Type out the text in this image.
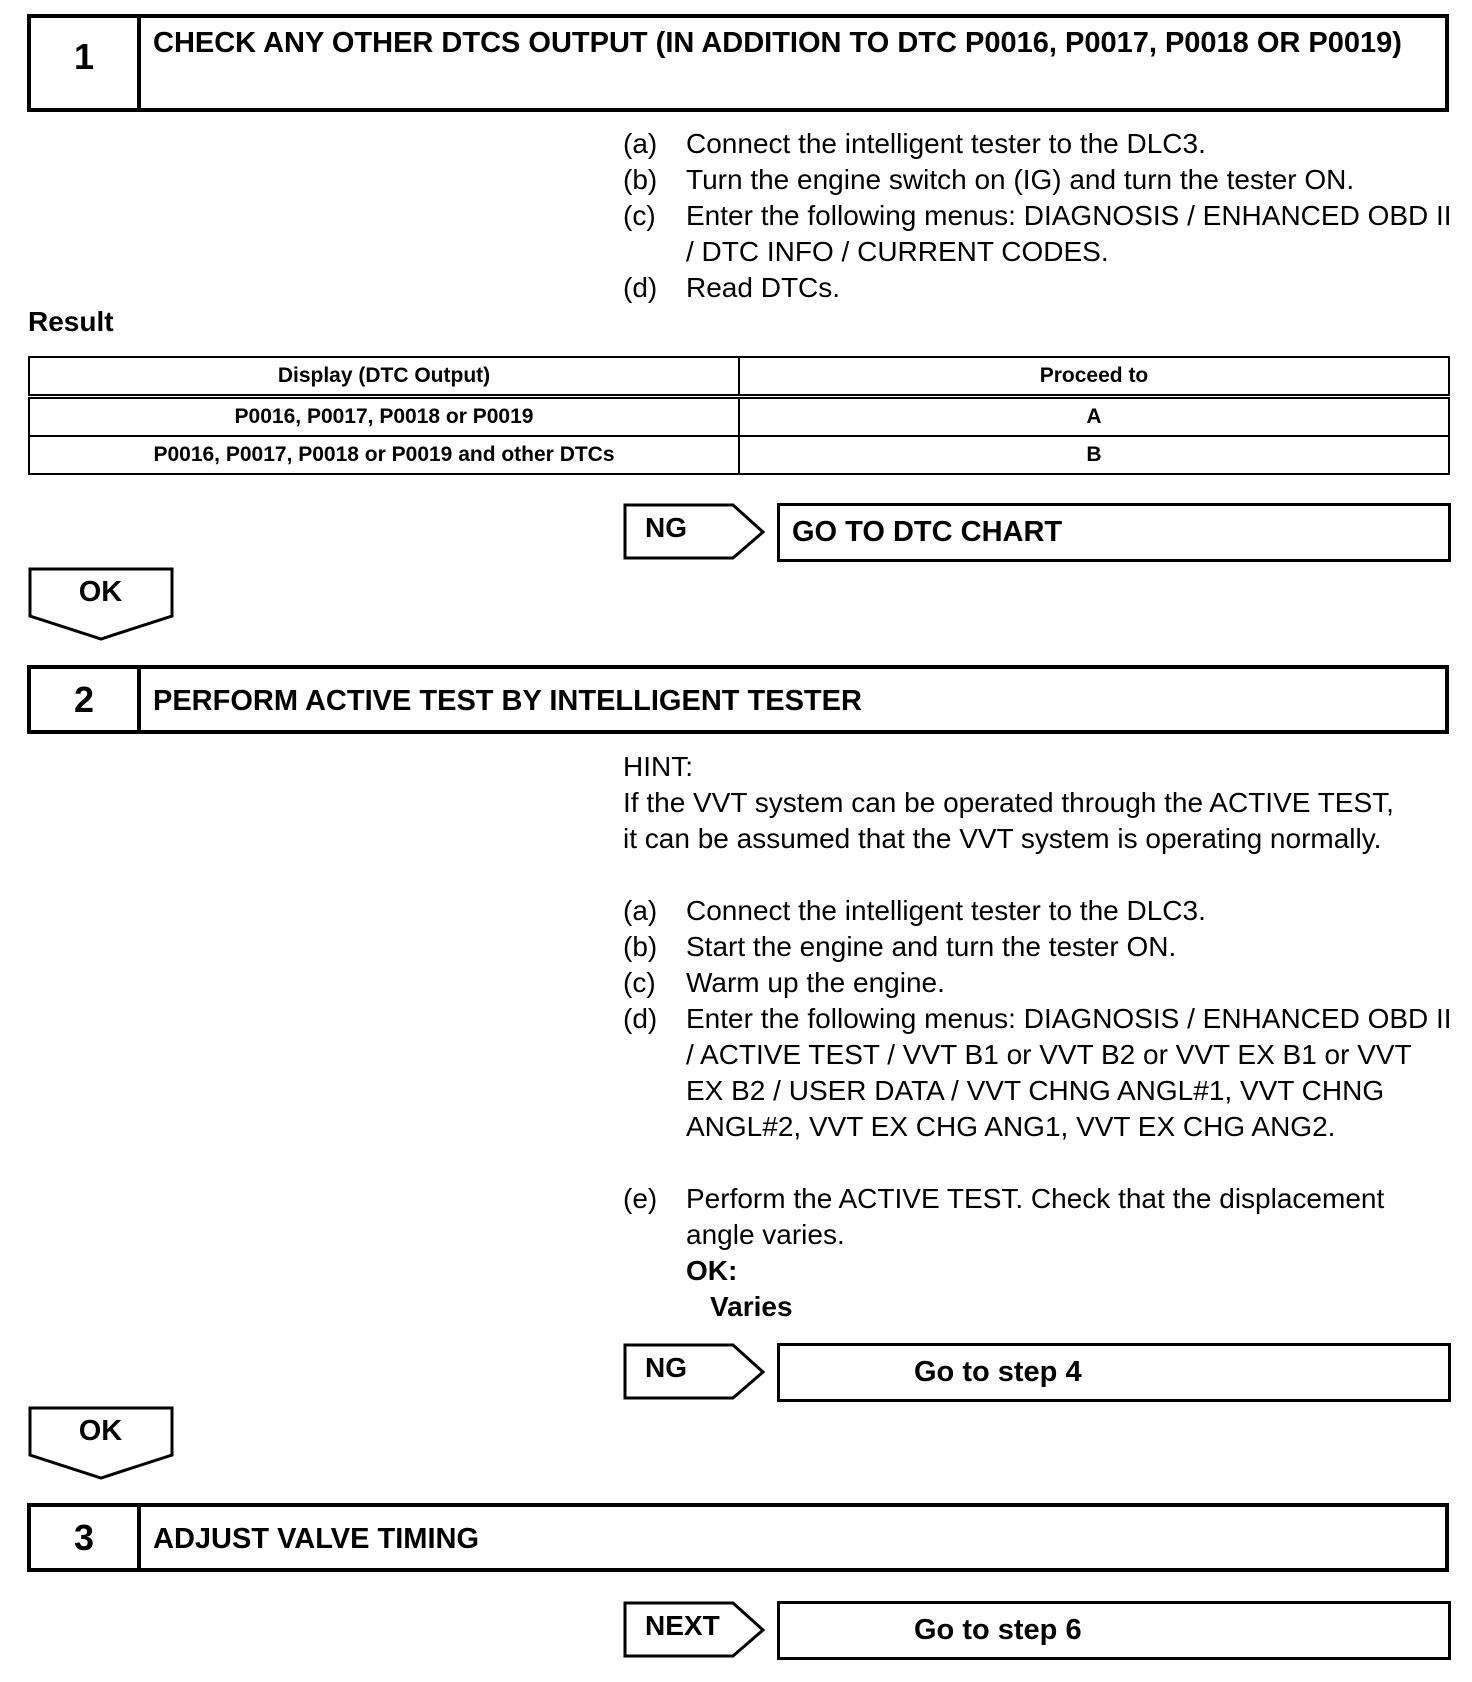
1	CHECK ANY OTHER DTCS OUTPUT (IN ADDITION TO DTC P0016, P0017, P0018 OR P0019)
(a)	Connect the intelligent tester to the DLC3.
(b)	Turn the engine switch on (IG) and turn the tester ON.
(c)	Enter the following menus: DIAGNOSIS / ENHANCED OBD II / DTC INFO / CURRENT CODES.
(d)	Read DTCs.
Result
Display (DTC Output)	Proceed to
P0016, P0017, P0018 or P0019	A
P0016, P0017, P0018 or P0019 and other DTCs	B
NG	GO TO DTC CHART
OK
2	PERFORM ACTIVE TEST BY INTELLIGENT TESTER
HINT:
If the VVT system can be operated through the ACTIVE TEST, it can be assumed that the VVT system is operating normally.
(a)	Connect the intelligent tester to the DLC3.
(b)	Start the engine and turn the tester ON.
(c)	Warm up the engine.
(d)	Enter the following menus: DIAGNOSIS / ENHANCED OBD II / ACTIVE TEST / VVT B1 or VVT B2 or VVT EX B1 or VVT EX B2 / USER DATA / VVT CHNG ANGL#1, VVT CHNG ANGL#2, VVT EX CHG ANG1, VVT EX CHG ANG2.
(e)	Perform the ACTIVE TEST. Check that the displacement angle varies.
OK:
Varies
NG	Go to step 4
OK
3	ADJUST VALVE TIMING
NEXT	Go to step 6
